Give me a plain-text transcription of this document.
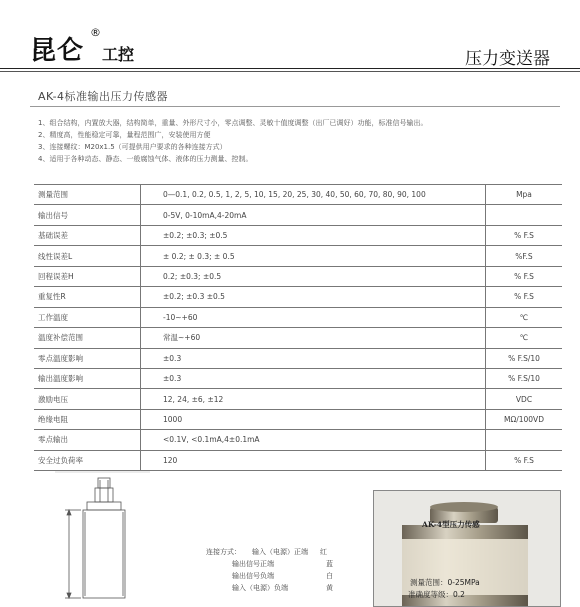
昆仑
®
工控	压力变送器
AK-4标准输出压力传感器
1、组合结构，内置放大器，结构简单，重量、外形尺寸小，零点调整、灵敏十值度调整（出厂已调好）功能，标准信号输出。
2、精度高，性能稳定可靠，量程范围广，安装使用方便
3、连接螺纹：M20x1.5（可提供用户要求的各种连接方式）
4、适用于各种动态、静态、一般腐蚀气体、液体的压力测量、控制。
测量范围	0—0.1, 0.2, 0.5, 1, 2, 5, 10, 15, 20, 25, 30, 40, 50, 60, 70, 80, 90, 100	Mpa
输出信号	0-5V, 0-10mA,4-20mA	
基础误差	±0.2; ±0.3; ±0.5	% F.S
线性误差L	± 0.2; ± 0.3; ± 0.5	%F.S
回程误差H	0.2; ±0.3; ±0.5	% F.S
重复性R	±0.2; ±0.3 ±0.5	% F.S
工作温度	-10~+60	℃
温度补偿范围	常温~+60	℃
零点温度影响	±0.3	% F.S/10
输出温度影响	±0.3	% F.S/10
激励电压	12, 24, ±6, ±12	VDC
绝缘电阻	1000	MΩ/100VD
零点输出	<0.1V, <0.1mA,4±0.1mA	
安全过负荷率	120	% F.S
连接方式： 输入（电源）正端 红
输出信号正端	蓝
输出信号负端	白
输入（电源）负端	黄
AK-4型压力传感
测量范围：0-25MPa
准确度等级：0.2
